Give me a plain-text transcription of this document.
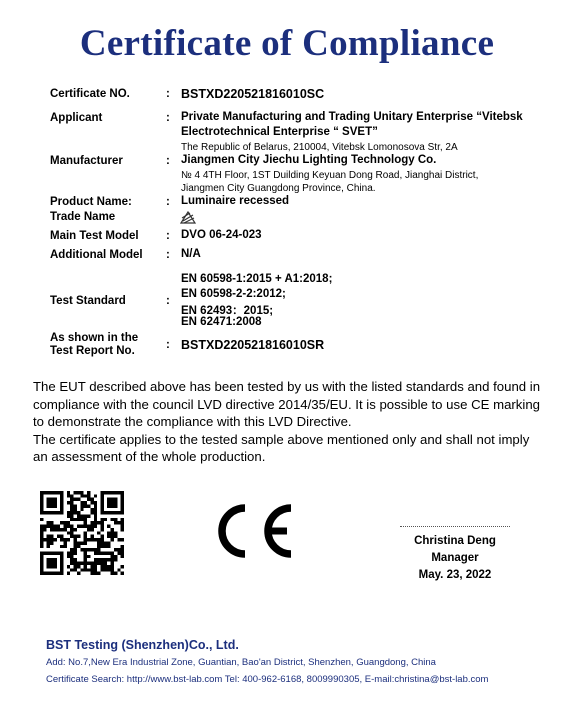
Certificate of Compliance
Certificate NO.	: BSTXD220521816010SC
Applicant	: Private Manufacturing and Trading Unitary Enterprise “Vitebsk
Electrotechnical Enterprise “ SVET”
The Republic of Belarus, 210004, Vitebsk Lomonosova Str, 2A
Manufacturer	: Jiangmen City Jiechu Lighting Technology Co.
№ 4 4TH Floor, 1ST Duilding Keyuan Dong Road, Jianghai District,
Jiangmen City Guangdong Province, China.
Product Name:	: Luminaire recessed
Trade Name
Main Test Model : DVO 06-24-023
Additional Model : N/A
Test Standard	:
EN 60598-1:2015 + A1:2018;
EN 60598-2-2:2012;
EN 62493：2015;
EN 62471:2008
As shown in the
Test Report No.	: BSTXD220521816010SR

The EUT described above has been tested by us with the listed standards and found in

compliance with the council LVD directive 2014/35/EU. It is possible to use CE marking

to demonstrate the compliance with this LVD Directive.

The certificate applies to the tested sample above mentioned only and shall not imply

an assessment of the whole production.

Christina Deng
Manager
May. 23, 2022
BST Testing (Shenzhen)Co., Ltd.
Add: No.7,New Era Industrial Zone, Guantian, Bao'an District, Shenzhen, Guangdong, China
Certificate Search: http://www.bst-lab.com Tel: 400-962-6168, 8009990305, E-mail:christina@bst-lab.com
